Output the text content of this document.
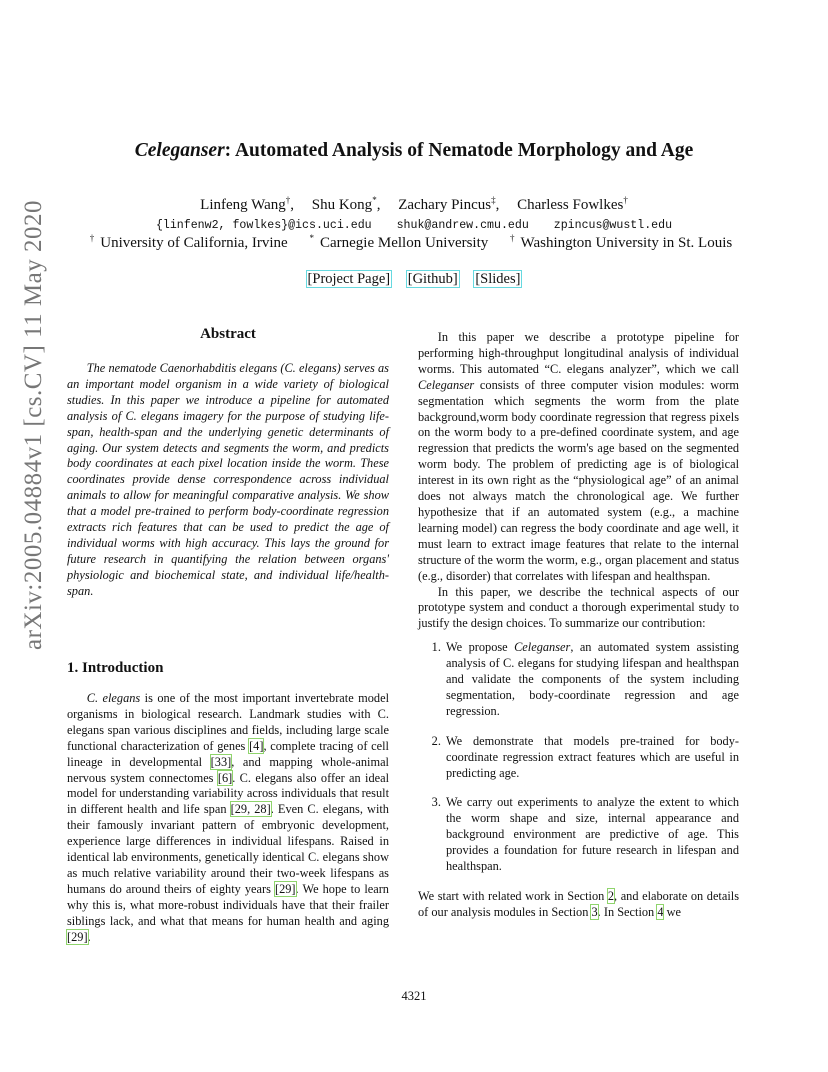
arXiv:2005.04884v1 [cs.CV] 11 May 2020
Celeganser: Automated Analysis of Nematode Morphology and Age
Linfeng Wang†, Shu Kong*, Zachary Pincus‡, Charless Fowlkes†
{linfenw2, fowlkes}@ics.uci.edu shuk@andrew.cmu.edu zpincus@wustl.edu
† University of California, Irvine * Carnegie Mellon University † Washington University in St. Louis
[Project Page] [Github] [Slides]
Abstract
The nematode Caenorhabditis elegans (C. elegans) serves as an important model organism in a wide variety of biological studies. In this paper we introduce a pipeline for automated analysis of C. elegans imagery for the purpose of studying life-span, health-span and the underlying genetic determinants of aging. Our system detects and segments the worm, and predicts body coordinates at each pixel location inside the worm. These coordinates provide dense correspondence across individual animals to allow for meaningful comparative analysis. We show that a model pre-trained to perform body-coordinate regression extracts rich features that can be used to predict the age of individual worms with high accuracy. This lays the ground for future research in quantifying the relation between organs' physiologic and biochemical state, and individual life/health-span.
1. Introduction
C. elegans is one of the most important invertebrate model organisms in biological research. Landmark studies with C. elegans span various disciplines and fields, including large scale functional characterization of genes [4], complete tracing of cell lineage in developmental [33], and mapping whole-animal nervous system connectomes [6]. C. elegans also offer an ideal model for understanding variability across individuals that result in different health and life span [29, 28]. Even C. elegans, with their famously invariant pattern of embryonic development, experience large differences in individual lifespans. Raised in identical lab environments, genetically identical C. elegans show as much relative variability around their two-week lifespans as humans do around theirs of eighty years [29]. We hope to learn why this is, what more-robust individuals have that their frailer siblings lack, and what that means for human health and aging [29].

In this paper we describe a prototype pipeline for performing high-throughput longitudinal analysis of individual worms. This automated “C. elegans analyzer”, which we call Celeganser consists of three computer vision modules: worm segmentation which segments the worm from the plate background,worm body coordinate regression that regress pixels on the worm body to a pre-defined coordinate system, and age regression that predicts the worm's age based on the segmented worm body. The problem of predicting age is of biological interest in its own right as the “physiological age” of an animal does not always match the chronological age. We further hypothesize that if an automated system (e.g., a machine learning model) can regress the body coordinate and age well, it must learn to extract image features that relate to the internal structure of the worm the worm, e.g., organ placement and status (e.g., disorder) that correlates with lifespan and healthspan.

In this paper, we describe the technical aspects of our prototype system and conduct a thorough experimental study to justify the design choices. To summarize our contribution:

1. We propose Celeganser, an automated system assisting analysis of C. elegans for studying lifespan and healthspan and validate the components of the system including segmentation, body-coordinate regression and age regression.
2. We demonstrate that models pre-trained for body-coordinate regression extract features which are useful in predicting age.
3. We carry out experiments to analyze the extent to which the worm shape and size, internal appearance and background environment are predictive of age. This provides a foundation for future research in lifespan and healthspan.

We start with related work in Section 2, and elaborate on details of our analysis modules in Section 3. In Section 4 we

4321
